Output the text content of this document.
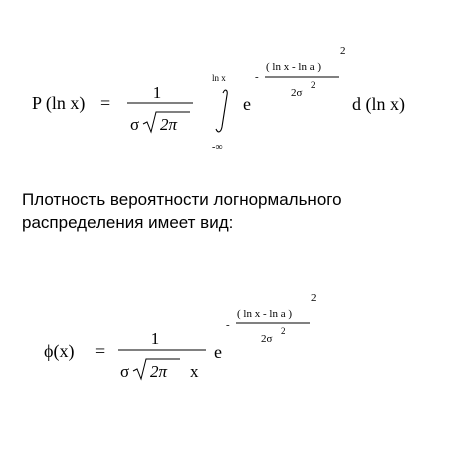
P (ln x) =
1
σ 2π
ln x
-∞
e
-
( ln x - ln a )
2
2σ
2
d (ln x)

Плотность вероятности логнормального
распределения имеет вид:

ϕ(x) =
1
σ 2π x
e
-
( ln x - ln a )
2
2σ
2
